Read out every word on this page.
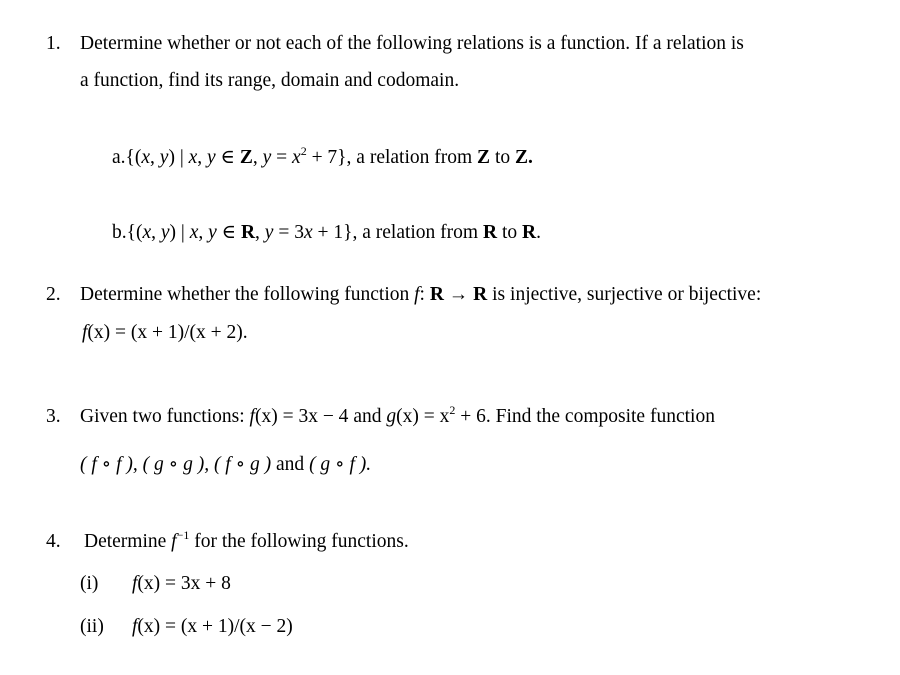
1. Determine whether or not each of the following relations is a function. If a relation is
a function, find its range, domain and codomain.
a.{(x, y) | x, y ∈ Z, $y = x^2 + 7$}, a relation from Z to Z.
b.{(x, y) | x, y ∈ R, y = 3x + 1}, a relation from R to R.
2. Determine whether the following function f: R → R is injective, surjective or bijective:
f(x) = (x + 1)/(x + 2).
3. Given two functions: f(x) = 3x − 4 and $g(x) = x^2 + 6$. Find the composite function
( f ∘ f ), ( g ∘ g ), ( f ∘ g ) and ( g ∘ f ).
4. Determine $f^{-1}$ for the following functions.
(i) f(x) = 3x + 8
(ii) f(x) = (x + 1)/(x − 2)
